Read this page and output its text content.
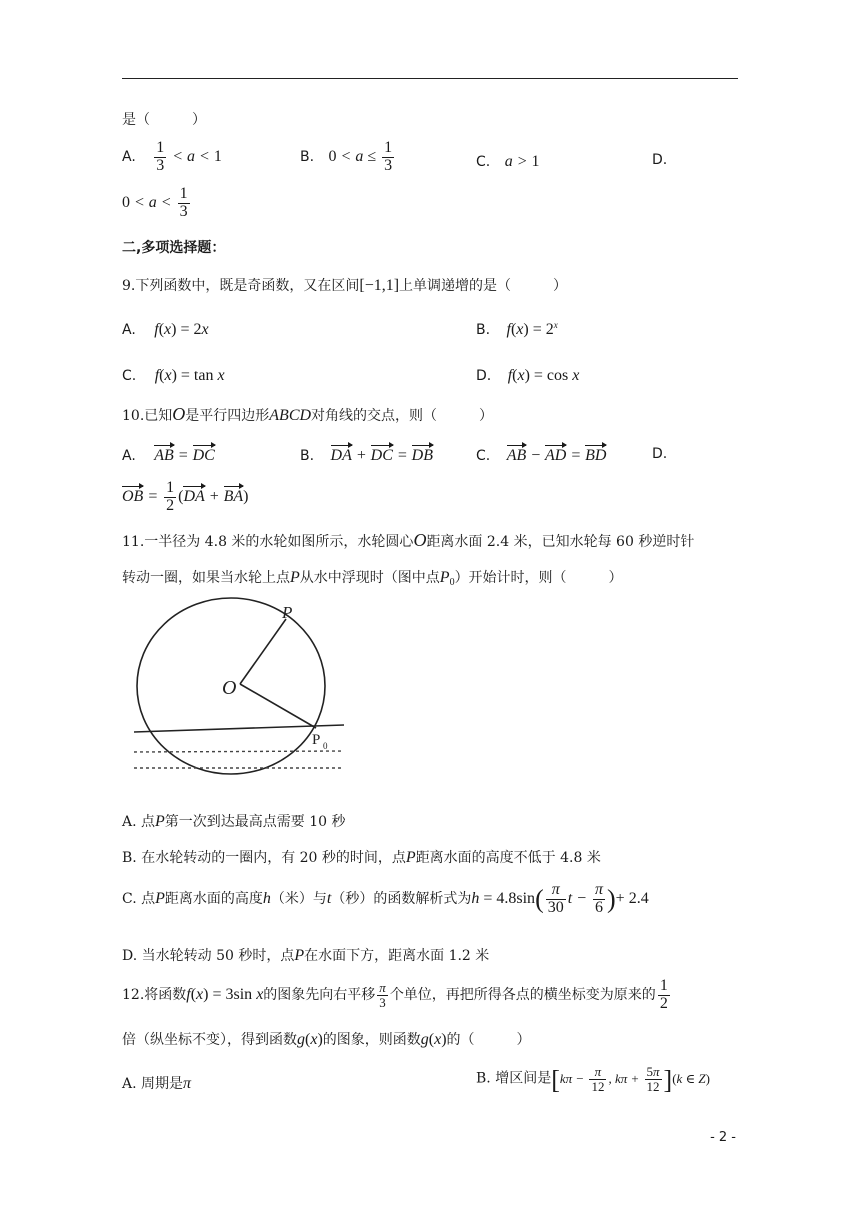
是（　　　）
A. $\frac{1}{3} < a < 1$	B. $0 < a \le \frac{1}{3}$	C. a > 1	D.
$0 < a < \frac{1}{3}$
二,多项选择题：
9.下列函数中，既是奇函数，又在区间[−1,1]上单调递增的是（　　　）
A. f(x) = 2x	B. $f(x) = 2^x$
C. f(x) = tan x	D. f(x) = cos x
10.已知O是平行四边形ABCD对角线的交点，则（　　　）
A. AB = DC	B. DA + DC = DB	C. AB − AD = BD	D.
OB = $\frac{1}{2} (DA + BA)$
11.一半径为 4.8 米的水轮如图所示，水轮圆心O距离水面 2.4 米，已知水轮每 60 秒逆时针
转动一圈，如果当水轮上点P从水中浮现时（图中点$P_0$）开始计时，则（　　　）
O
P
P 0
A. 点P第一次到达最高点需要 10 秒
B. 在水轮转动的一圈内，有 20 秒的时间，点P距离水面的高度不低于 4.8 米
C. 点P距离水面的高度h（米）与t（秒）的函数解析式为$h = 4.8\sin( \frac{\pi}{30}$ $t - \frac{\pi}{6}$ )+ 2.4
D. 当水轮转动 50 秒时，点P在水面下方，距离水面 1.2 米
12.将函数f(x) = 3sin x的图象先向右平移 $\frac{\pi}{3}$ 个单位，再把所得各点的横坐标变为原来的 $\frac{1}{2}$
倍（纵坐标不变），得到函数g(x)的图象，则函数g(x)的（　　　）
A. 周期是π	B. 增区间是[$k\pi - \frac{\pi}{12}$ , $k\pi + \frac{5\pi}{12} ](k$ ∈ Z)
- 2 -
